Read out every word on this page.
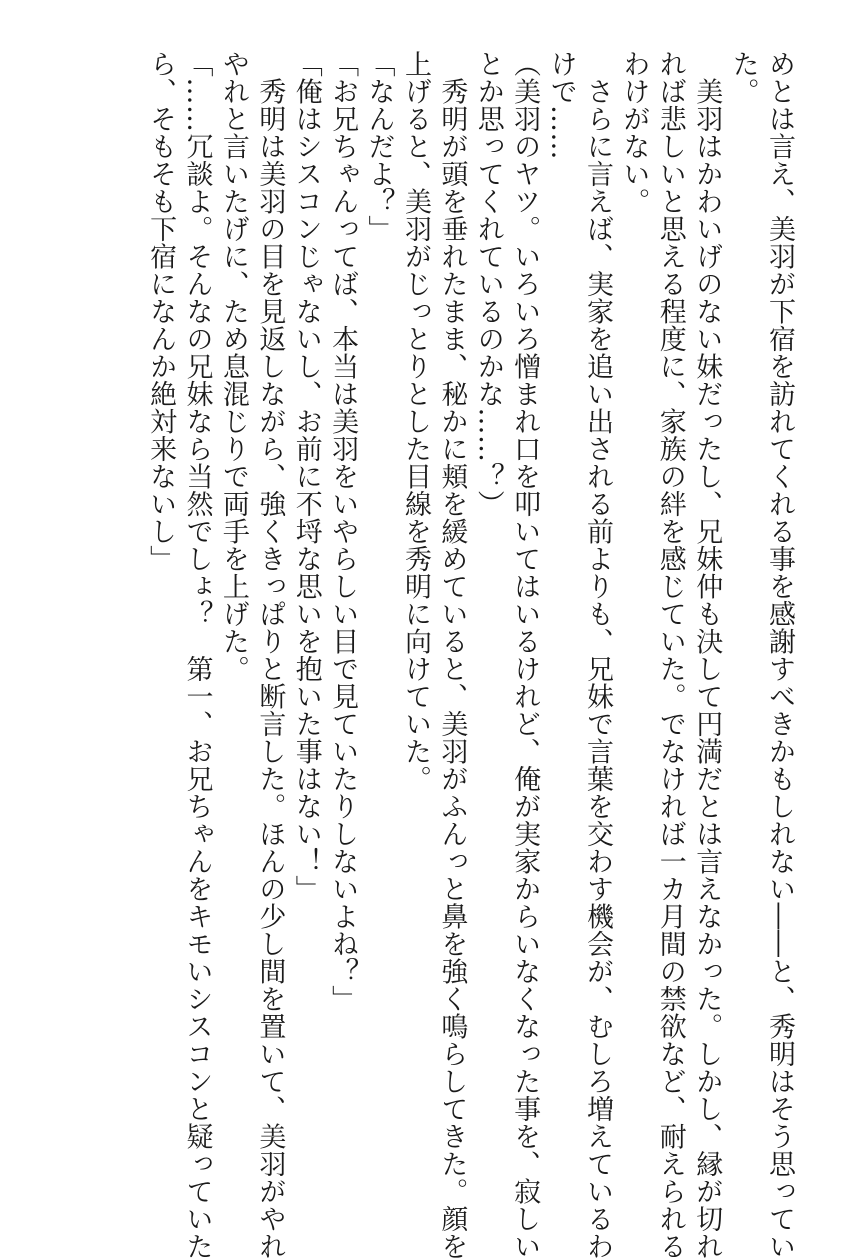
めとは言え、美羽が下宿を訪れてくれる事を感謝すべきかもしれない――と、秀明はそう思ってい
た。
　美羽はかわいげのない妹だったし、兄妹仲も決して円満だとは言えなかった。しかし、縁が切れ
れば悲しいと思える程度に、家族の絆を感じていた。でなければ一カ月間の禁欲など、耐えられる
わけがない。
　さらに言えば、実家を追い出される前よりも、兄妹で言葉を交わす機会が、むしろ増えているわ
けで……
（美羽のヤツ。いろいろ憎まれ口を叩いてはいるけれど、俺が実家からいなくなった事を、寂しい
とか思ってくれているのかな……？）
　秀明が頭を垂れたまま、秘かに頬を緩めていると、美羽がふんっと鼻を強く鳴らしてきた。顔を
上げると、美羽がじっとりとした目線を秀明に向けていた。
「なんだよ？」
「お兄ちゃんってば、本当は美羽をいやらしい目で見ていたりしないよね？」
「俺はシスコンじゃないし、お前に不埒な思いを抱いた事はない！」
　秀明は美羽の目を見返しながら、強くきっぱりと断言した。ほんの少し間を置いて、美羽がやれ
やれと言いたげに、ため息混じりで両手を上げた。
「……冗談よ。そんなの兄妹なら当然でしょ？　第一、お兄ちゃんをキモいシスコンと疑っていた
ら、そもそも下宿になんか絶対来ないし」
